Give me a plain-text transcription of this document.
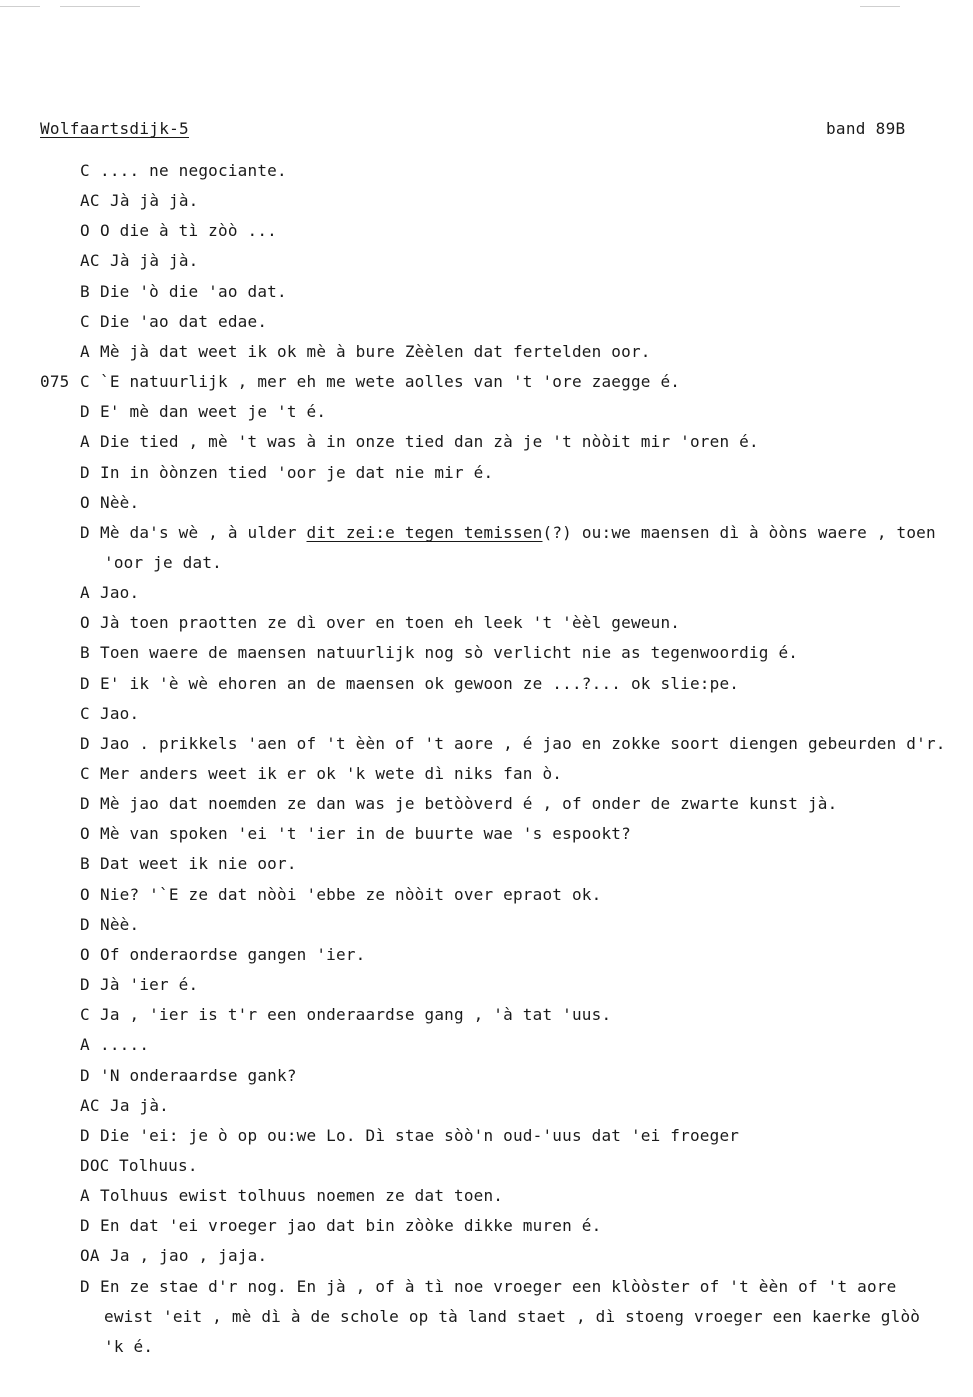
Wolfaartsdijk-5	band 89B
C .... ne negociante.
AC Jà jà jà.
O O die à tì zòò ...
AC Jà jà jà.
B Die 'ò die 'ao dat.
C Die 'ao dat edae.
A Mè jà dat weet ik ok mè à bure Zèèlen dat fertelden oor.
075 C `E natuurlijk , mer eh me wete aolles van 't 'ore zaegge é.
D E' mè dan weet je 't é.
A Die tied , mè 't was à in onze tied dan zà je 't nòòit mir 'oren é.
D In in òònzen tied 'oor je dat nie mir é.
O Nèè.
D Mè da's wè , à ulder dit zei:e tegen temissen(?) ou:we maensen dì à òòns waere , toen
'oor je dat.
A Jao.
O Jà toen praotten ze dì over en toen eh leek 't 'èèl geweun.
B Toen waere de maensen natuurlijk nog sò verlicht nie as tegenwoordig é.
D E' ik 'è wè ehoren an de maensen ok gewoon ze ...?... ok slie:pe.
C Jao.
D Jao . prikkels 'aen of 't èèn of 't aore , é jao en zokke soort diengen gebeurden d'r.
C Mer anders weet ik er ok 'k wete dì niks fan ò.
D Mè jao dat noemden ze dan was je betòòverd é , of onder de zwarte kunst jà.
O Mè van spoken 'ei 't 'ier in de buurte wae 's espookt?
B Dat weet ik nie oor.
O Nie? '`E ze dat nòòi 'ebbe ze nòòit over epraot ok.
D Nèè.
O Of onderaordse gangen 'ier.
D Jà 'ier é.
C Ja , 'ier is t'r een onderaardse gang , 'à tat 'uus.
A .....
D 'N onderaardse gank?
AC Ja jà.
D Die 'ei: je ò op ou:we Lo. Dì stae sòò'n oud-'uus dat 'ei froeger
DOC Tolhuus.
A Tolhuus ewist tolhuus noemen ze dat toen.
D En dat 'ei vroeger jao dat bin zòòke dikke muren é.
OA Ja , jao , jaja.
D En ze stae d'r nog. En jà , of à tì noe vroeger een klòòster of 't èèn of 't aore
ewist 'eit , mè dì à de schole op tà land staet , dì stoeng vroeger een kaerke glòò
'k é.
